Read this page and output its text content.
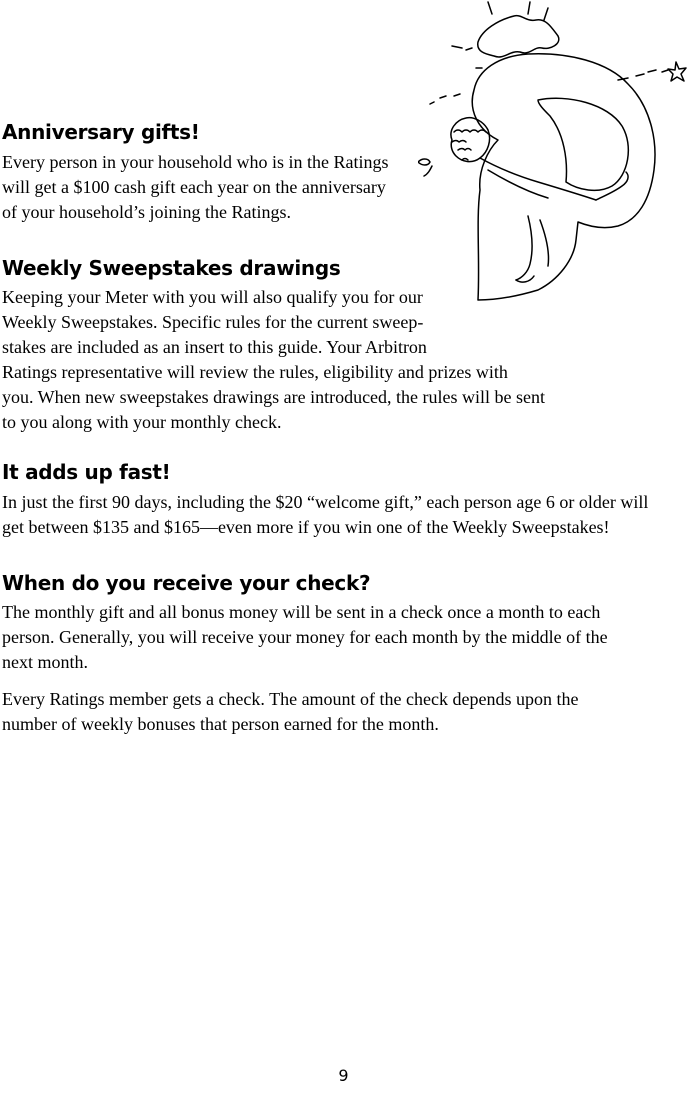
Anniversary gifts!

Every person in your household who is in the Ratings
will get a $100 cash gift each year on the anniversary
of your household’s joining the Ratings.

Weekly Sweepstakes drawings

Keeping your Meter with you will also qualify you for our
Weekly Sweepstakes. Specific rules for the current sweep-
stakes are included as an insert to this guide. Your Arbitron
Ratings representative will review the rules, eligibility and prizes with
you. When new sweepstakes drawings are introduced, the rules will be sent
to you along with your monthly check.

It adds up fast!

In just the first 90 days, including the $20 “welcome gift,” each person age 6 or older will
get between $135 and $165—even more if you win one of the Weekly Sweepstakes!

When do you receive your check?

The monthly gift and all bonus money will be sent in a check once a month to each
person. Generally, you will receive your money for each month by the middle of the
next month.

Every Ratings member gets a check. The amount of the check depends upon the
number of weekly bonuses that person earned for the month.

9
